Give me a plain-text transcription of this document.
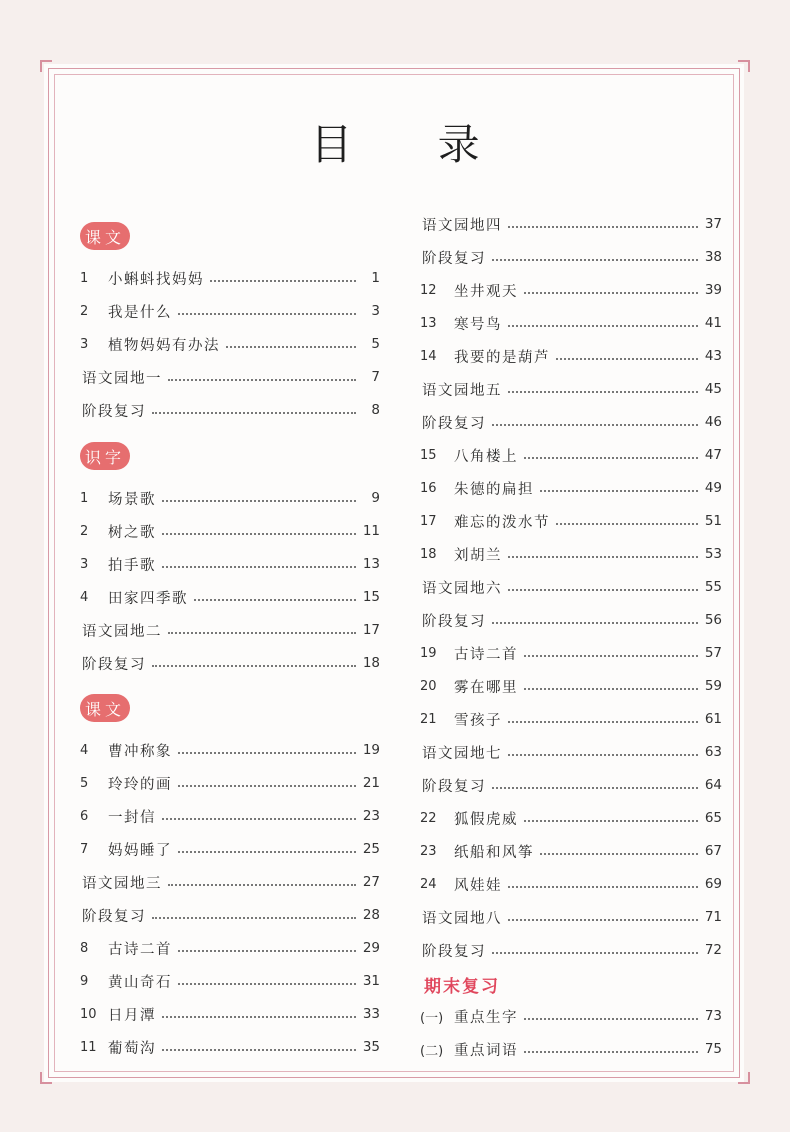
目 录
1	小蝌蚪找妈妈	1
2	我是什么	3
3	植物妈妈有办法	5
语文园地一	7
阶段复习	8
1	场景歌	9
2	树之歌	11
3	拍手歌	13
4	田家四季歌	15
语文园地二	17
阶段复习	18
4	曹冲称象	19
5	玲玲的画	21
6	一封信	23
7	妈妈睡了	25
语文园地三	27
阶段复习	28
8	古诗二首	29
9	黄山奇石	31
10 日月潭	33
11 葡萄沟	35
课文
识字
课文
语文园地四	37
阶段复习	38
12	坐井观天	39
13	寒号鸟	41
14	我要的是葫芦	43
语文园地五	45
阶段复习	46
15	八角楼上	47
16	朱德的扁担	49
17	难忘的泼水节	51
18	刘胡兰	53
语文园地六	55
阶段复习	56
19	古诗二首	57
20	雾在哪里	59
21	雪孩子	61
语文园地七	63
阶段复习	64
22	狐假虎威	65
23	纸船和风筝	67
24	风娃娃	69
语文园地八	71
阶段复习	72
(一) 重点生字	73
(二) 重点词语	75
期末复习
